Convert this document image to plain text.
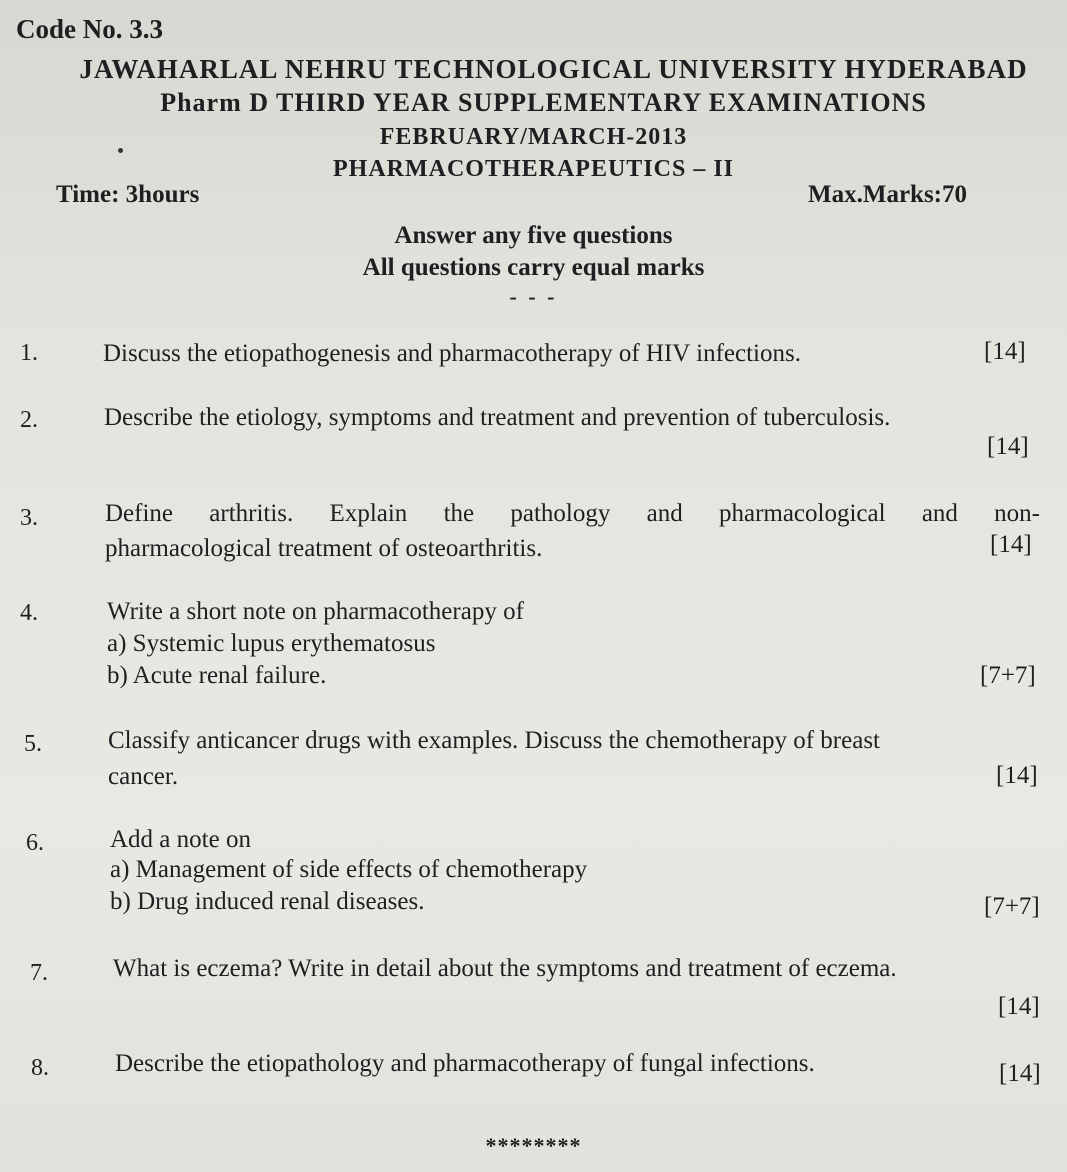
Code No. 3.3
JAWAHARLAL NEHRU TECHNOLOGICAL UNIVERSITY HYDERABAD
Pharm D THIRD YEAR SUPPLEMENTARY EXAMINATIONS
FEBRUARY/MARCH-2013
PHARMACOTHERAPEUTICS – II
Time: 3hours	Max.Marks:70
Answer any five questions
All questions carry equal marks
- - -
1.	Discuss the etiopathogenesis and pharmacotherapy of HIV infections.	[14]
2.	Describe the etiology, symptoms and treatment and prevention of tuberculosis.
[14]
3.	Define arthritis. Explain the pathology and pharmacological and non-
pharmacological treatment of osteoarthritis.	[14]
4.	Write a short note on pharmacotherapy of
a) Systemic lupus erythematosus
b) Acute renal failure.	[7+7]
5.	Classify anticancer drugs with examples. Discuss the chemotherapy of breast
cancer.	[14]
6.	Add a note on
a) Management of side effects of chemotherapy
b) Drug induced renal diseases.	[7+7]
7.	What is eczema? Write in detail about the symptoms and treatment of eczema.
[14]
8.	Describe the etiopathology and pharmacotherapy of fungal infections.	[14]
********
